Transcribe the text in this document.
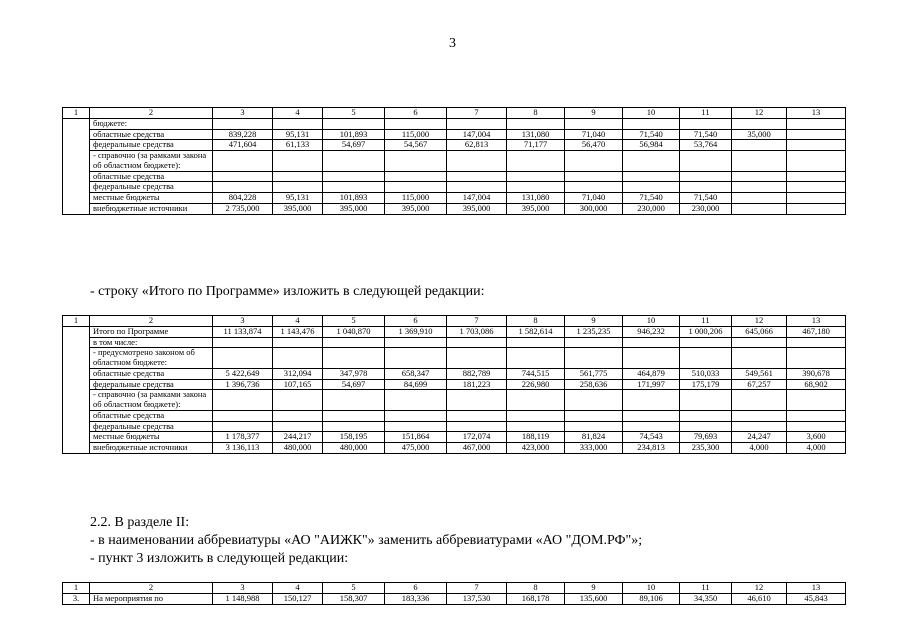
3
1	2	3	4	5	6	7	8	9	10	11	12	13
	бюджете:											
	областные средства	839,228	95,131	101,893	115,000	147,004	131,080	71,040	71,540	71,540	35,000	
	федеральные средства	471,604	61,133	54,697	54,567	62,813	71,177	56,470	56,984	53,764		
	- справочно (за рамками закона об областном бюджете):											
	областные средства											
	федеральные средства											
	местные бюджеты	804,228	95,131	101,893	115,000	147,004	131,080	71,040	71,540	71,540		
	внебюджетные источники	2 735,000	395,000	395,000	395,000	395,000	395,000	300,000	230,000	230,000		
- строку «Итого по Программе» изложить в следующей редакции:
1	2	3	4	5	6	7	8	9	10	11	12	13
	Итого по Программе	11 133,874	1 143,476	1 040,870	1 369,910	1 703,086	1 582,614	1 235,235	946,232	1 000,206	645,066	467,180
	в том числе:											
	- предусмотрено законом об областном бюджете:											
	областные средства	5 422,649	312,094	347,978	658,347	882,789	744,515	561,775	464,879	510,033	549,561	390,678
	федеральные средства	1 396,736	107,165	54,697	84,699	181,223	226,980	258,636	171,997	175,179	67,257	68,902
	- справочно (за рамками закона об областном бюджете):											
	областные средства											
	федеральные средства											
	местные бюджеты	1 178,377	244,217	158,195	151,864	172,074	188,119	81,824	74,543	79,693	24,247	3,600
	внебюджетные источники	3 136,113	480,000	480,000	475,000	467,000	423,000	333,000	234,813	235,300	4,000	4,000
2.2. В разделе II:
- в наименовании аббревиатуры «АО "АИЖК"» заменить аббревиатурами «АО "ДОМ.РФ"»;
- пункт 3 изложить в следующей редакции:
1	2	3	4	5	6	7	8	9	10	11	12	13
3.	На мероприятия по	1 148,988	150,127	158,307	183,336	137,530	168,178	135,600	89,106	34,350	46,610	45,843
